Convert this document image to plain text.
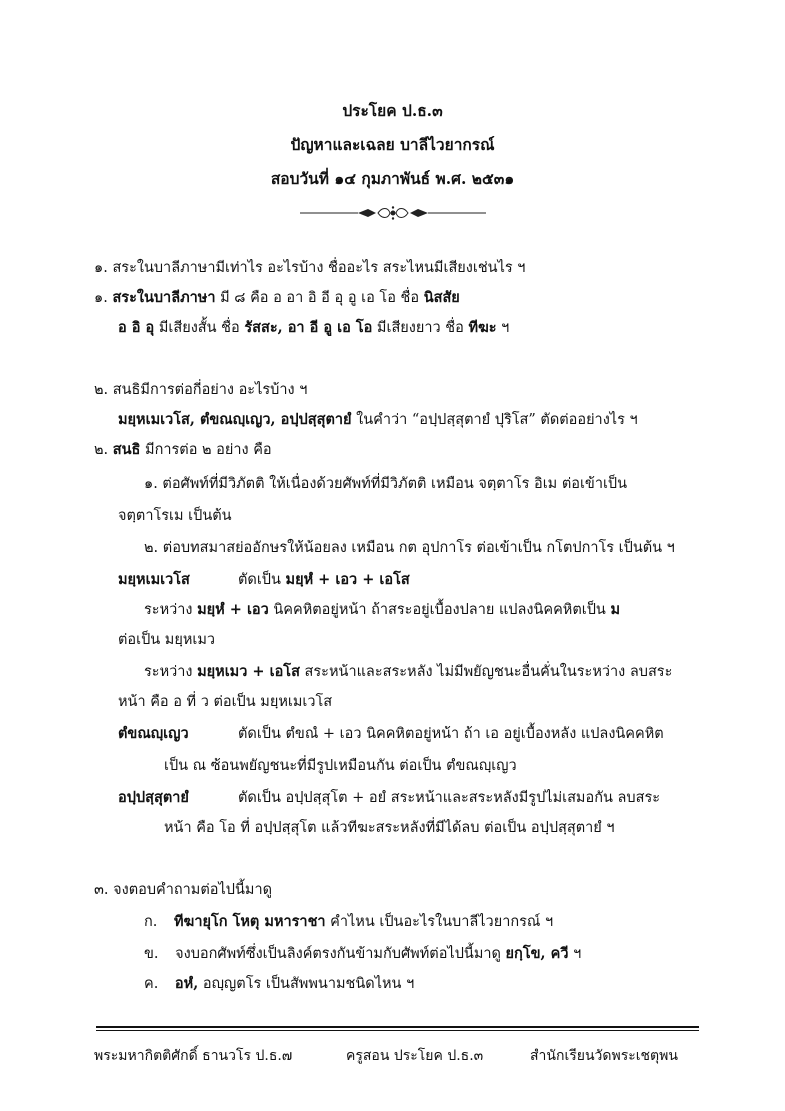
ประโยค ป.ธ.๓
ปัญหาและเฉลย บาลีไวยากรณ์
สอบวันที่ ๑๔ กุมภาพันธ์ พ.ศ. ๒๕๓๑
๑. สระในบาลีภาษามีเท่าไร อะไรบ้าง ชื่ออะไร สระไหนมีเสียงเช่นไร ฯ
๑. สระในบาลีภาษา มี ๘ คือ อ อา อิ อี อุ อู เอ โอ ชื่อ นิสสัย
อ อิ อุ มีเสียงสั้น ชื่อ รัสสะ, อา อี อู เอ โอ มีเสียงยาว ชื่อ ทีฆะ ฯ
๒. สนธิมีการต่อกี่อย่าง อะไรบ้าง ฯ
มยฺหเมเวโส, ตํขณญฺเญว, อปฺปสฺสุตายํ ในคำว่า “อปฺปสฺสุตายํ ปุริโส” ตัดต่ออย่างไร ฯ
๒. สนธิ มีการต่อ ๒ อย่าง คือ
๑. ต่อศัพท์ที่มีวิภัตติ ให้เนื่องด้วยศัพท์ที่มีวิภัตติ เหมือน จตฺตาโร อิเม ต่อเข้าเป็น
จตฺตาโรเม เป็นต้น
๒. ต่อบทสมาสย่ออักษรให้น้อยลง เหมือน กต อุปกาโร ต่อเข้าเป็น กโตปกาโร เป็นต้น ฯ
มยฺหเมเวโส	ตัดเป็น มยฺหํ + เอว + เอโส
ระหว่าง มยฺหํ + เอว นิคคหิตอยู่หน้า ถ้าสระอยู่เบื้องปลาย แปลงนิคคหิตเป็น ม
ต่อเป็น มยฺหเมว
ระหว่าง มยฺหเมว + เอโส สระหน้าและสระหลัง ไม่มีพยัญชนะอื่นคั่นในระหว่าง ลบสระ
หน้า คือ อ ที่ ว ต่อเป็น มยฺหเมเวโส
ตํขณญฺเญว	ตัดเป็น ตํขณํ + เอว นิคคหิตอยู่หน้า ถ้า เอ อยู่เบื้องหลัง แปลงนิคคหิต
เป็น ณ ซ้อนพยัญชนะที่มีรูปเหมือนกัน ต่อเป็น ตํขณญฺเญว
อปฺปสฺสุตายํ	ตัดเป็น อปฺปสฺสุโต + อยํ สระหน้าและสระหลังมีรูปไม่เสมอกัน ลบสระ
หน้า คือ โอ ที่ อปฺปสฺสุโต แล้วทีฆะสระหลังที่มีได้ลบ ต่อเป็น อปฺปสฺสุตายํ ฯ
๓. จงตอบคำถามต่อไปนี้มาดู
ก. ทีฆายุโก โหตุ มหาราชา คำไหน เป็นอะไรในบาลีไวยากรณ์ ฯ
ข. จงบอกศัพท์ซึ่งเป็นลิงค์ตรงกันข้ามกับศัพท์ต่อไปนี้มาดู ยกฺโข, ควี ฯ
ค. อหํ, อญฺญตโร เป็นสัพพนามชนิดไหน ฯ
พระมหากิตติศักดิ์ ธานวโร ป.ธ.๗	ครูสอน ประโยค ป.ธ.๓	สำนักเรียนวัดพระเชตุพน
